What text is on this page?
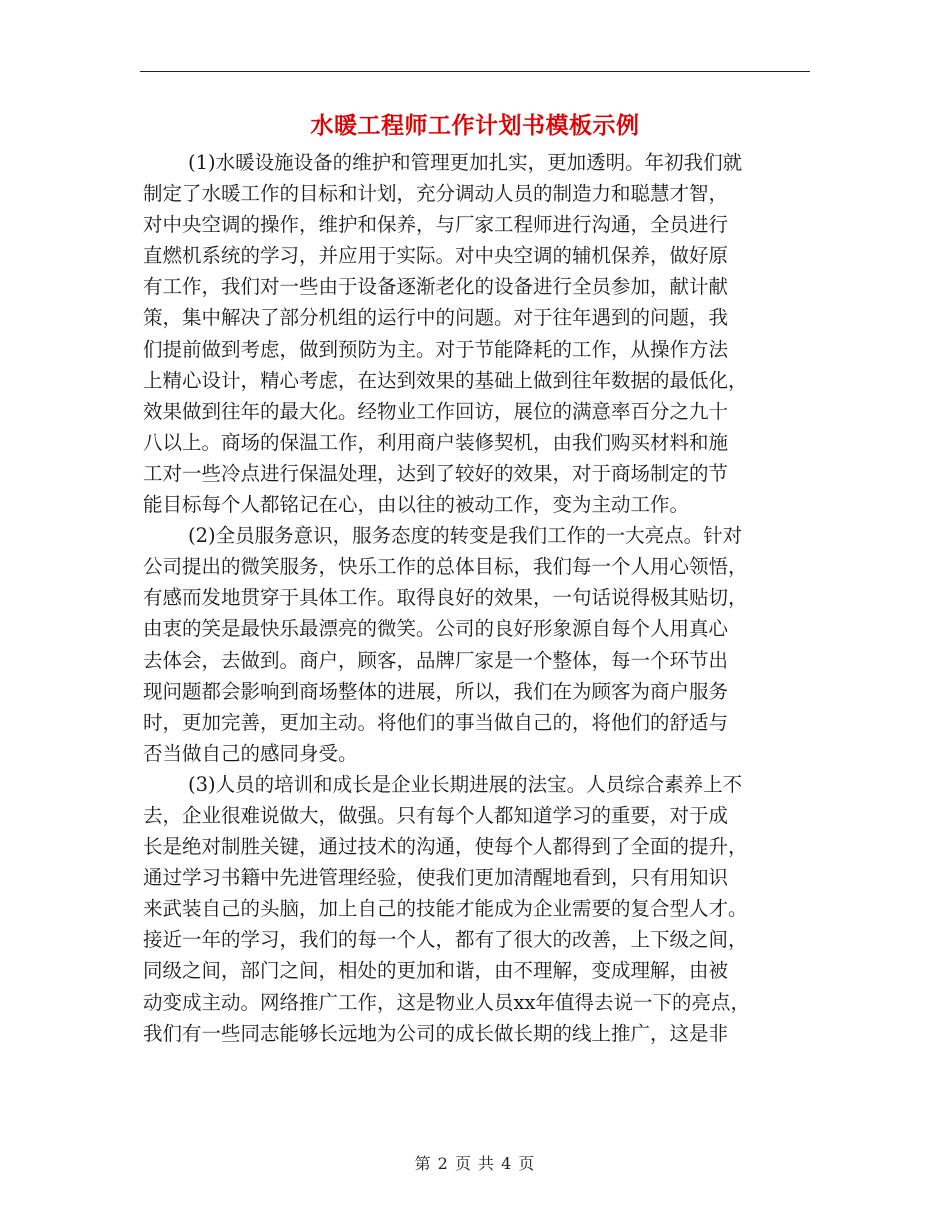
水暖工程师工作计划书模板示例
(1)水暖设施设备的维护和管理更加扎实，更加透明。年初我们就
制定了水暖工作的目标和计划，充分调动人员的制造力和聪慧才智，
对中央空调的操作，维护和保养，与厂家工程师进行沟通，全员进行
直燃机系统的学习，并应用于实际。对中央空调的辅机保养，做好原
有工作，我们对一些由于设备逐渐老化的设备进行全员参加，献计献
策，集中解决了部分机组的运行中的问题。对于往年遇到的问题，我
们提前做到考虑，做到预防为主。对于节能降耗的工作，从操作方法
上精心设计，精心考虑，在达到效果的基础上做到往年数据的最低化，
效果做到往年的最大化。经物业工作回访，展位的满意率百分之九十
八以上。商场的保温工作，利用商户装修契机，由我们购买材料和施
工对一些冷点进行保温处理，达到了较好的效果，对于商场制定的节
能目标每个人都铭记在心，由以往的被动工作，变为主动工作。
(2)全员服务意识，服务态度的转变是我们工作的一大亮点。针对
公司提出的微笑服务，快乐工作的总体目标，我们每一个人用心领悟，
有感而发地贯穿于具体工作。取得良好的效果，一句话说得极其贴切，
由衷的笑是最快乐最漂亮的微笑。公司的良好形象源自每个人用真心
去体会，去做到。商户，顾客，品牌厂家是一个整体，每一个环节出
现问题都会影响到商场整体的进展，所以，我们在为顾客为商户服务
时，更加完善，更加主动。将他们的事当做自己的，将他们的舒适与
否当做自己的感同身受。
(3)人员的培训和成长是企业长期进展的法宝。人员综合素养上不
去，企业很难说做大，做强。只有每个人都知道学习的重要，对于成
长是绝对制胜关键，通过技术的沟通，使每个人都得到了全面的提升，
通过学习书籍中先进管理经验，使我们更加清醒地看到，只有用知识
来武装自己的头脑，加上自己的技能才能成为企业需要的复合型人才。
接近一年的学习，我们的每一个人，都有了很大的改善，上下级之间，
同级之间，部门之间，相处的更加和谐，由不理解，变成理解，由被
动变成主动。网络推广工作，这是物业人员xx年值得去说一下的亮点，
我们有一些同志能够长远地为公司的成长做长期的线上推广，这是非
第 2 页 共 4 页
